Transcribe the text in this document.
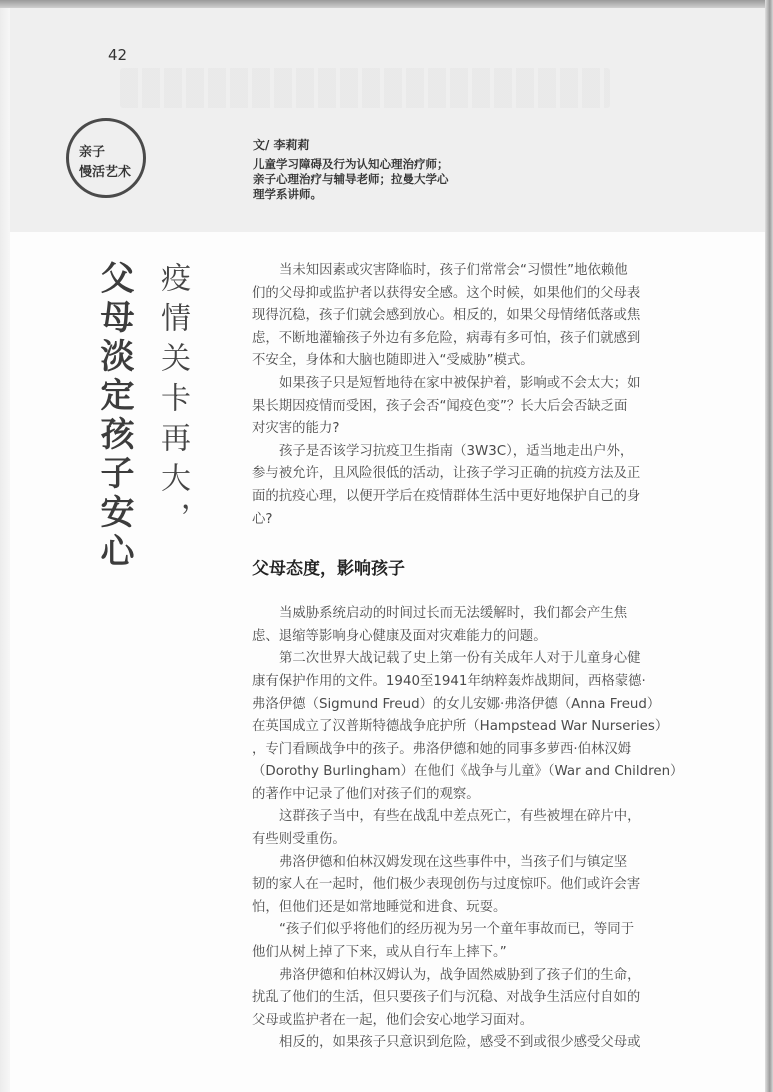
42
亲子
慢活艺术
文/ 李莉莉
儿童学习障碍及行为认知心理治疗师；
亲子心理治疗与辅导老师；拉曼大学心
理学系讲师。
父母淡定孩子安心 疫情关卡再大，	当未知因素或灾害降临时，孩子们常常会“习惯性”地依赖他
们的父母抑或监护者以获得安全感。这个时候，如果他们的父母表
现得沉稳，孩子们就会感到放心。相反的，如果父母情绪低落或焦
虑，不断地灌输孩子外边有多危险，病毒有多可怕，孩子们就感到
不安全，身体和大脑也随即进入“受威胁”模式。
如果孩子只是短暂地待在家中被保护着，影响或不会太大；如
果长期因疫情而受困，孩子会否“闻疫色变”？长大后会否缺乏面
对灾害的能力?
孩子是否该学习抗疫卫生指南（3W3C），适当地走出户外，
参与被允许，且风险很低的活动，让孩子学习正确的抗疫方法及正
面的抗疫心理，以便开学后在疫情群体生活中更好地保护自己的身
心?
父母态度，影响孩子
当威胁系统启动的时间过长而无法缓解时，我们都会产生焦
虑、退缩等影响身心健康及面对灾难能力的问题。
第二次世界大战记载了史上第一份有关成年人对于儿童身心健
康有保护作用的文件。1940至1941年纳粹轰炸战期间，西格蒙德·
弗洛伊德（Sigmund Freud）的女儿安娜·弗洛伊德（Anna Freud）
在英国成立了汉普斯特德战争庇护所（Hampstead War Nurseries）
，专门看顾战争中的孩子。弗洛伊德和她的同事多萝西·伯林汉姆
（Dorothy Burlingham）在他们《战争与儿童》（War and Children）
的著作中记录了他们对孩子们的观察。
这群孩子当中，有些在战乱中差点死亡，有些被埋在碎片中，
有些则受重伤。
弗洛伊德和伯林汉姆发现在这些事件中，当孩子们与镇定坚
韧的家人在一起时，他们极少表现创伤与过度惊吓。他们或许会害
怕，但他们还是如常地睡觉和进食、玩耍。
“孩子们似乎将他们的经历视为另一个童年事故而已，等同于
他们从树上掉了下来，或从自行车上摔下。”
弗洛伊德和伯林汉姆认为，战争固然威胁到了孩子们的生命，
扰乱了他们的生活，但只要孩子们与沉稳、对战争生活应付自如的
父母或监护者在一起，他们会安心地学习面对。
相反的，如果孩子只意识到危险，感受不到或很少感受父母或
